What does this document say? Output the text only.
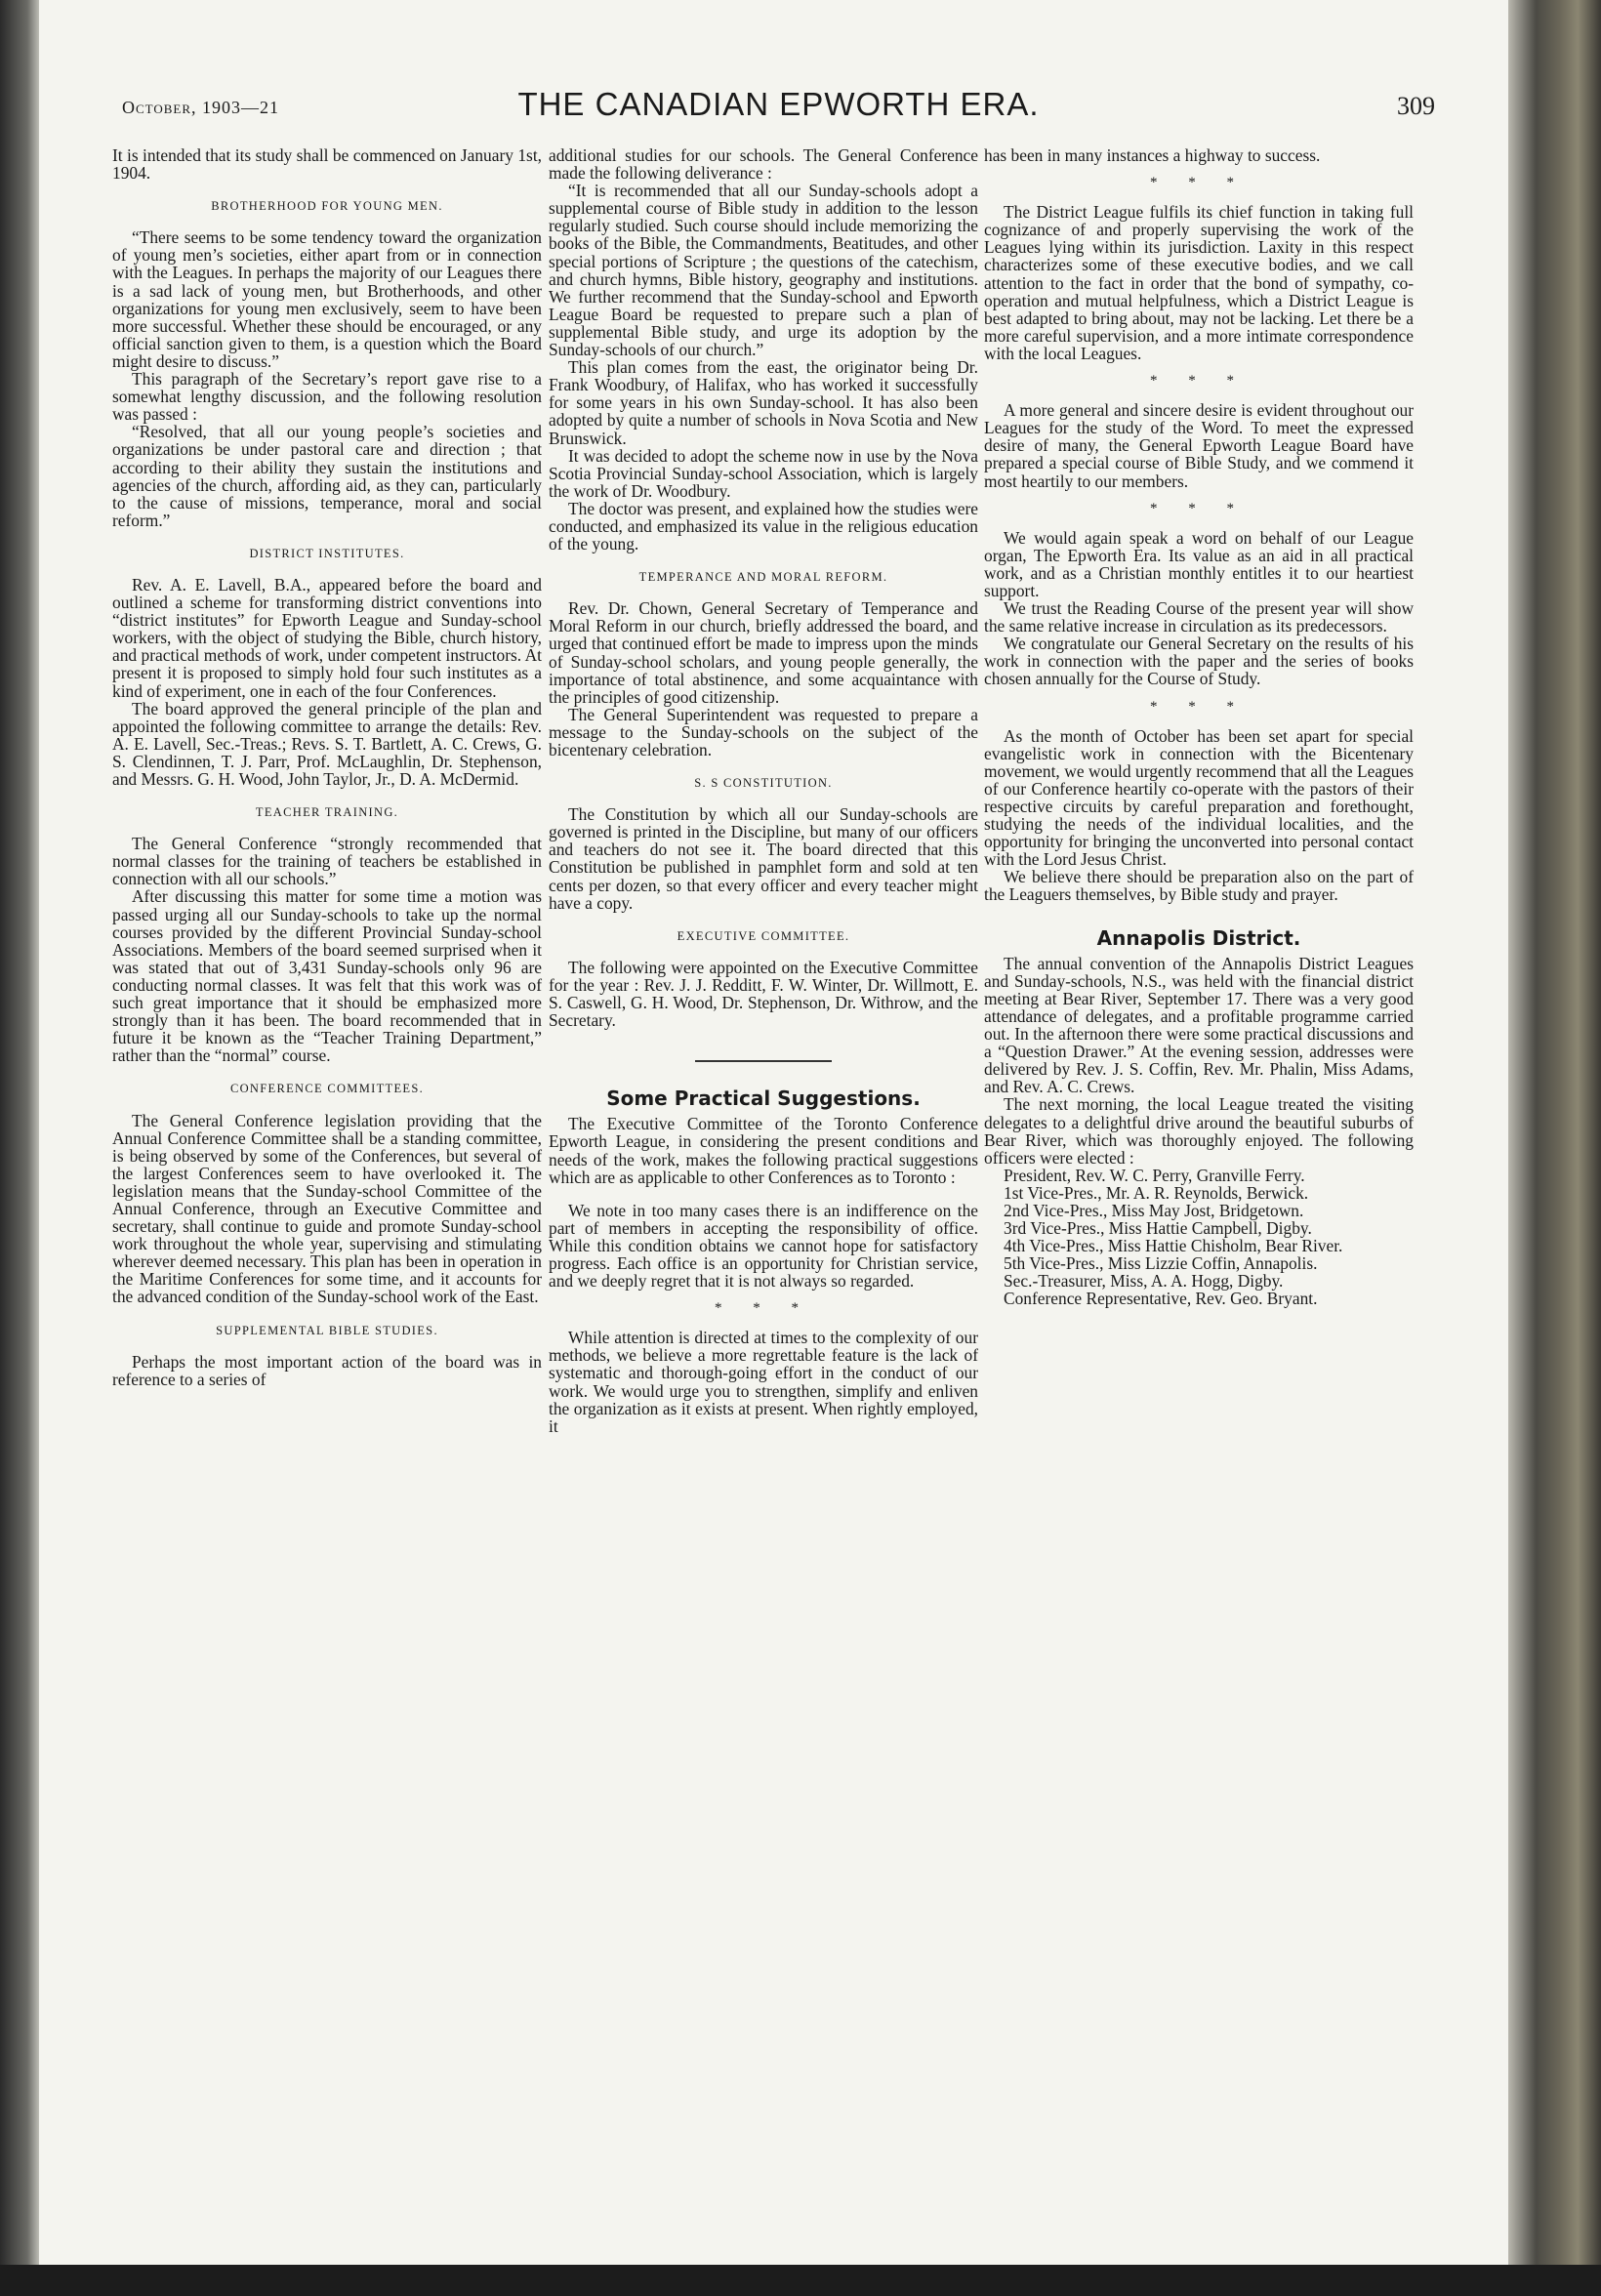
October, 1903—21	THE CANADIAN EPWORTH ERA.	309

It is intended that its study shall be commenced on January 1st, 1904.

BROTHERHOOD FOR YOUNG MEN.

“There seems to be some tendency toward the organization of young men’s societies, either apart from or in connection with the Leagues. In perhaps the majority of our Leagues there is a sad lack of young men, but Brotherhoods, and other organizations for young men exclusively, seem to have been more successful. Whether these should be encouraged, or any official sanction given to them, is a question which the Board might desire to discuss.”

This paragraph of the Secretary’s report gave rise to a somewhat lengthy discussion, and the following resolution was passed :

“Resolved, that all our young people’s societies and organizations be under pastoral care and direction ; that according to their ability they sustain the institutions and agencies of the church, affording aid, as they can, particularly to the cause of missions, temperance, moral and social reform.”

DISTRICT INSTITUTES.

Rev. A. E. Lavell, B.A., appeared before the board and outlined a scheme for transforming district conventions into “district institutes” for Epworth League and Sunday-school workers, with the object of studying the Bible, church history, and practical methods of work, under competent instructors. At present it is proposed to simply hold four such institutes as a kind of experiment, one in each of the four Conferences.

The board approved the general principle of the plan and appointed the following committee to arrange the details: Rev. A. E. Lavell, Sec.-Treas.; Revs. S. T. Bartlett, A. C. Crews, G. S. Clendinnen, T. J. Parr, Prof. McLaughlin, Dr. Stephenson, and Messrs. G. H. Wood, John Taylor, Jr., D. A. McDermid.

TEACHER TRAINING.

The General Conference “strongly recommended that normal classes for the training of teachers be established in connection with all our schools.”

After discussing this matter for some time a motion was passed urging all our Sunday-schools to take up the normal courses provided by the different Provincial Sunday-school Associations. Members of the board seemed surprised when it was stated that out of 3,431 Sunday-schools only 96 are conducting normal classes. It was felt that this work was of such great importance that it should be emphasized more strongly than it has been. The board recommended that in future it be known as the “Teacher Training Department,” rather than the “normal” course.

CONFERENCE COMMITTEES.

The General Conference legislation providing that the Annual Conference Committee shall be a standing committee, is being observed by some of the Conferences, but several of the largest Conferences seem to have overlooked it. The legislation means that the Sunday-school Committee of the Annual Conference, through an Executive Committee and secretary, shall continue to guide and promote Sunday-school work throughout the whole year, supervising and stimulating wherever deemed necessary. This plan has been in operation in the Maritime Conferences for some time, and it accounts for the advanced condition of the Sunday-school work of the East.

SUPPLEMENTAL BIBLE STUDIES.

Perhaps the most important action of the board was in reference to a series of

additional studies for our schools. The General Conference made the following deliverance :

“It is recommended that all our Sunday-schools adopt a supplemental course of Bible study in addition to the lesson regularly studied. Such course should include memorizing the books of the Bible, the Commandments, Beatitudes, and other special portions of Scripture ; the questions of the catechism, and church hymns, Bible history, geography and institutions. We further recommend that the Sunday-school and Epworth League Board be requested to prepare such a plan of supplemental Bible study, and urge its adoption by the Sunday-schools of our church.”

This plan comes from the east, the originator being Dr. Frank Woodbury, of Halifax, who has worked it successfully for some years in his own Sunday-school. It has also been adopted by quite a number of schools in Nova Scotia and New Brunswick.

It was decided to adopt the scheme now in use by the Nova Scotia Provincial Sunday-school Association, which is largely the work of Dr. Woodbury.

The doctor was present, and explained how the studies were conducted, and emphasized its value in the religious education of the young.

TEMPERANCE AND MORAL REFORM.

Rev. Dr. Chown, General Secretary of Temperance and Moral Reform in our church, briefly addressed the board, and urged that continued effort be made to impress upon the minds of Sunday-school scholars, and young people generally, the importance of total abstinence, and some acquaintance with the principles of good citizenship.

The General Superintendent was requested to prepare a message to the Sunday-schools on the subject of the bicentenary celebration.

S. S CONSTITUTION.

The Constitution by which all our Sunday-schools are governed is printed in the Discipline, but many of our officers and teachers do not see it. The board directed that this Constitution be published in pamphlet form and sold at ten cents per dozen, so that every officer and every teacher might have a copy.

EXECUTIVE COMMITTEE.

The following were appointed on the Executive Committee for the year : Rev. J. J. Redditt, F. W. Winter, Dr. Willmott, E. S. Caswell, G. H. Wood, Dr. Stephenson, Dr. Withrow, and the Secretary.

Some Practical Suggestions.

The Executive Committee of the Toronto Conference Epworth League, in considering the present conditions and needs of the work, makes the following practical suggestions which are as applicable to other Conferences as to Toronto :

We note in too many cases there is an indifference on the part of members in accepting the responsibility of office. While this condition obtains we cannot hope for satisfactory progress. Each office is an opportunity for Christian service, and we deeply regret that it is not always so regarded.

* * *

While attention is directed at times to the complexity of our methods, we believe a more regrettable feature is the lack of systematic and thorough-going effort in the conduct of our work. We would urge you to strengthen, simplify and enliven the organization as it exists at present. When rightly employed, it

has been in many instances a highway to success.

* * *

The District League fulfils its chief function in taking full cognizance of and properly supervising the work of the Leagues lying within its jurisdiction. Laxity in this respect characterizes some of these executive bodies, and we call attention to the fact in order that the bond of sympathy, co-operation and mutual helpfulness, which a District League is best adapted to bring about, may not be lacking. Let there be a more careful supervision, and a more intimate correspondence with the local Leagues.

* * *

A more general and sincere desire is evident throughout our Leagues for the study of the Word. To meet the expressed desire of many, the General Epworth League Board have prepared a special course of Bible Study, and we commend it most heartily to our members.

* * *

We would again speak a word on behalf of our League organ, The Epworth Era. Its value as an aid in all practical work, and as a Christian monthly entitles it to our heartiest support.

We trust the Reading Course of the present year will show the same relative increase in circulation as its predecessors.

We congratulate our General Secretary on the results of his work in connection with the paper and the series of books chosen annually for the Course of Study.

* * *

As the month of October has been set apart for special evangelistic work in connection with the Bicentenary movement, we would urgently recommend that all the Leagues of our Conference heartily co-operate with the pastors of their respective circuits by careful preparation and forethought, studying the needs of the individual localities, and the opportunity for bringing the unconverted into personal contact with the Lord Jesus Christ.

We believe there should be preparation also on the part of the Leaguers themselves, by Bible study and prayer.

Annapolis District.

The annual convention of the Annapolis District Leagues and Sunday-schools, N.S., was held with the financial district meeting at Bear River, September 17. There was a very good attendance of delegates, and a profitable programme carried out. In the afternoon there were some practical discussions and a “Question Drawer.” At the evening session, addresses were delivered by Rev. J. S. Coffin, Rev. Mr. Phalin, Miss Adams, and Rev. A. C. Crews.

The next morning, the local League treated the visiting delegates to a delightful drive around the beautiful suburbs of Bear River, which was thoroughly enjoyed. The following officers were elected :

President, Rev. W. C. Perry, Granville Ferry.

1st Vice-Pres., Mr. A. R. Reynolds, Berwick.

2nd Vice-Pres., Miss May Jost, Bridgetown.

3rd Vice-Pres., Miss Hattie Campbell, Digby.

4th Vice-Pres., Miss Hattie Chisholm, Bear River.

5th Vice-Pres., Miss Lizzie Coffin, Annapolis.

Sec.-Treasurer, Miss, A. A. Hogg, Digby.

Conference Representative, Rev. Geo. Bryant.
